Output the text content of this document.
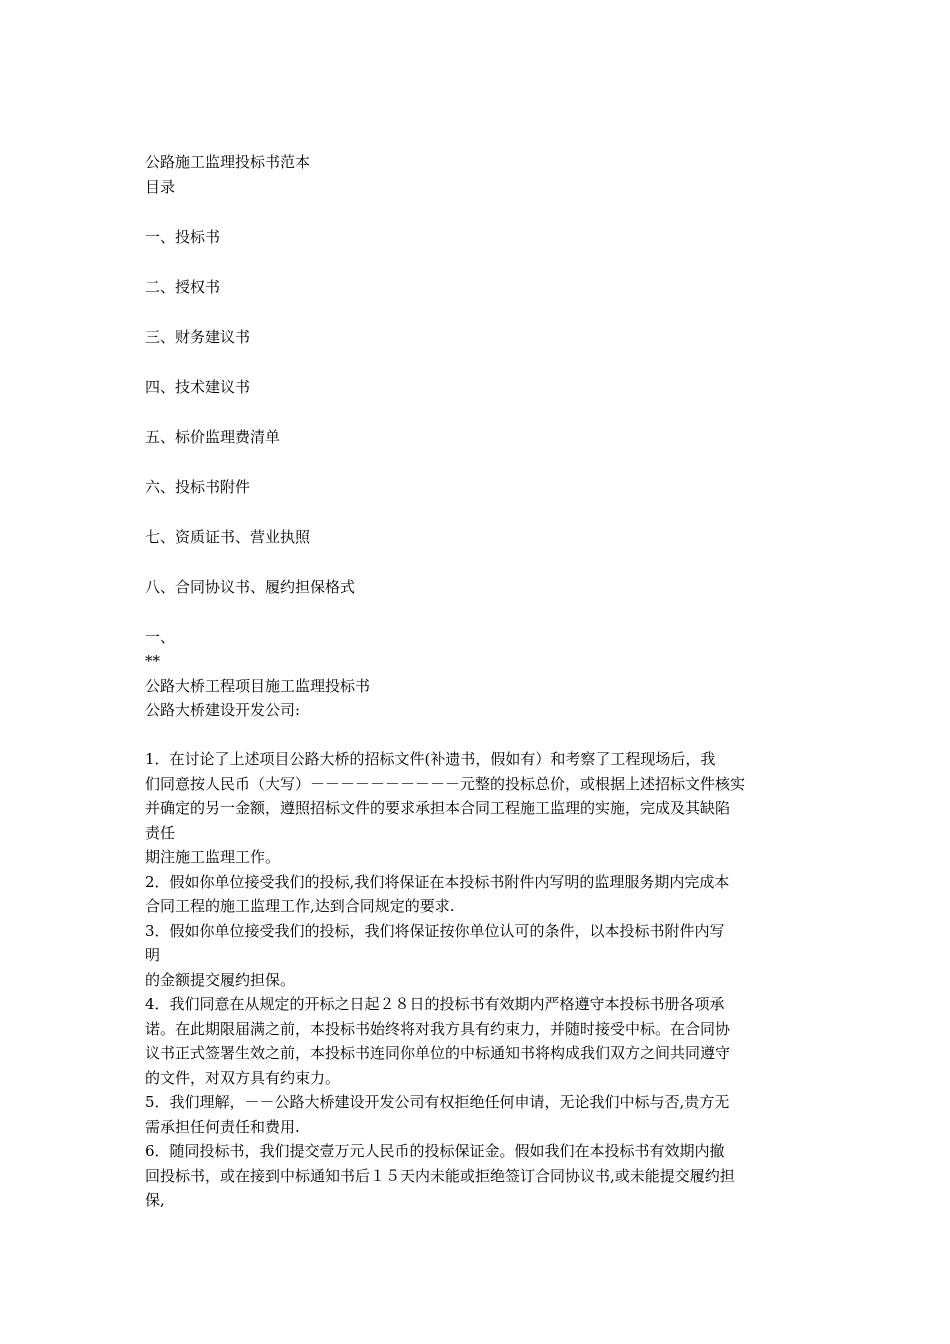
公路施工监理投标书范本
目录
一、投标书
二、授权书
三、财务建议书
四、技术建议书
五、标价监理费清单
六、投标书附件
七、资质证书、营业执照
八、合同协议书、履约担保格式
一、
**
公路大桥工程项目施工监理投标书
公路大桥建设开发公司:
1．在讨论了上述项目公路大桥的招标文件(补遗书，假如有）和考察了工程现场后，我
们同意按人民币（大写）－－－－－－－－－－元整的投标总价，或根据上述招标文件核实
并确定的另一金额，遵照招标文件的要求承担本合同工程施工监理的实施，完成及其缺陷
责任
期注施工监理工作。
2．假如你单位接受我们的投标,我们将保证在本投标书附件内写明的监理服务期内完成本
合同工程的施工监理工作,达到合同规定的要求.
3．假如你单位接受我们的投标，我们将保证按你单位认可的条件，以本投标书附件内写
明
的金额提交履约担保。
4．我们同意在从规定的开标之日起２８日的投标书有效期内严格遵守本投标书册各项承
诺。在此期限届满之前，本投标书始终将对我方具有约束力，并随时接受中标。在合同协
议书正式签署生效之前，本投标书连同你单位的中标通知书将构成我们双方之间共同遵守
的文件，对双方具有约束力。
5．我们理解，－－公路大桥建设开发公司有权拒绝任何申请，无论我们中标与否,贵方无
需承担任何责任和费用.
6．随同投标书，我们提交壹万元人民币的投标保证金。假如我们在本投标书有效期内撤
回投标书，或在接到中标通知书后１５天内未能或拒绝签订合同协议书,或未能提交履约担
保,
